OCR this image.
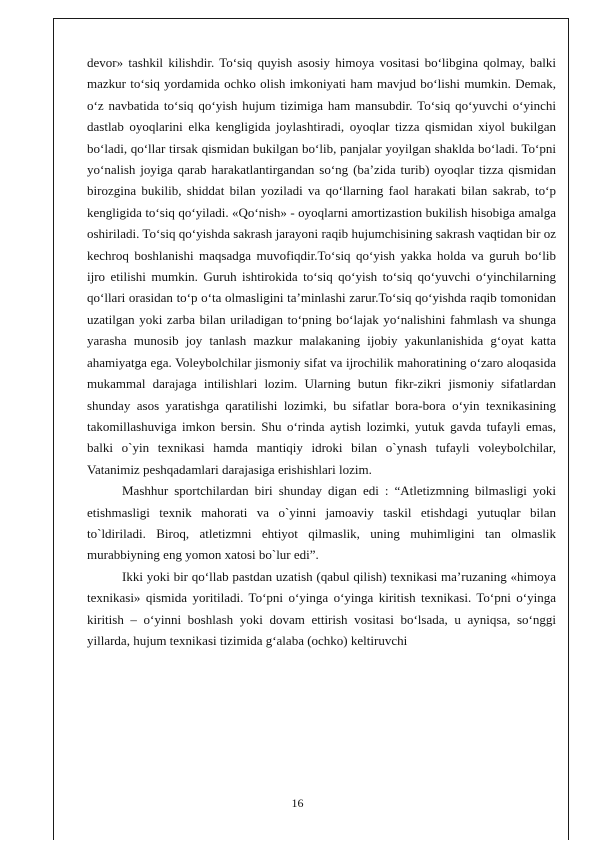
devor» tashkil kilishdir. To‘siq quyish asosiy himoya vositasi bo‘libgina qolmay, balki mazkur to‘siq yordamida ochko olish imkoniyati ham mavjud bo‘lishi mumkin. Demak, o‘z navbatida to‘siq qo‘yish hujum tizimiga ham mansubdir. To‘siq qo‘yuvchi o‘yinchi dastlab oyoqlarini elka kengligida joylashtiradi, oyoqlar tizza qismidan xiyol bukilgan bo‘ladi, qo‘llar tirsak qismidan bukilgan bo‘lib, panjalar yoyilgan shaklda bo‘ladi. To‘pni yo‘nalish joyiga qarab harakatlantirgandan so‘ng (ba’zida turib) oyoqlar tizza qismidan birozgina bukilib, shiddat bilan yoziladi va qo‘llarning faol harakati bilan sakrab, to‘p kengligida to‘siq qo‘yiladi. «Qo‘nish» - oyoqlarni amortizastion bukilish hisobiga amalga oshiriladi. To‘siq qo‘yishda sakrash jarayoni raqib hujumchisining sakrash vaqtidan bir oz kechroq boshlanishi maqsadga muvofiqdir.To‘siq qo‘yish yakka holda va guruh bo‘lib ijro etilishi mumkin. Guruh ishtirokida to‘siq qo‘yish to‘siq qo‘yuvchi o‘yinchilarning qo‘llari orasidan to‘p o‘ta olmasligini ta’minlashi zarur.To‘siq qo‘yishda raqib tomonidan uzatilgan yoki zarba bilan uriladigan to‘pning bo‘lajak yo‘nalishini fahmlash va shunga yarasha munosib joy tanlash mazkur malakaning ijobiy yakunlanishida g‘oyat katta ahamiyatga ega. Voleybolchilar jismoniy sifat va ijrochilik mahoratining o‘zaro aloqasida mukammal darajaga intilishlari lozim. Ularning butun fikr-zikri jismoniy sifatlardan shunday asos yaratishga qaratilishi lozimki, bu sifatlar bora-bora o‘yin texnikasining takomillashuviga imkon bersin. Shu o‘rinda aytish lozimki, yutuk gavda tufayli emas, balki o`yin texnikasi hamda mantiqiy idroki bilan o`ynash tufayli voleybolchilar, Vatanimiz peshqadamlari darajasiga erishishlari lozim.

Mashhur sportchilardan biri shunday digan edi : “Atletizmning bilmasligi yoki etishmasligi texnik mahorati va o`yinni jamoaviy taskil etishdagi yutuqlar bilan to`ldiriladi. Biroq, atletizmni ehtiyot qilmaslik, uning muhimligini tan olmaslik murabbiyning eng yomon xatosi bo`lur edi”.

Ikki yoki bir qo‘llab pastdan uzatish (qabul qilish) texnikasi ma’ruzaning «himoya texnikasi» qismida yoritiladi. To‘pni o‘yinga o‘yinga kiritish texnikasi. To‘pni o‘yinga kiritish – o‘yinni boshlash yoki dovam ettirish vositasi bo‘lsada, u ayniqsa, so‘nggi yillarda, hujum texnikasi tizimida g‘alaba (ochko) keltiruvchi

16
